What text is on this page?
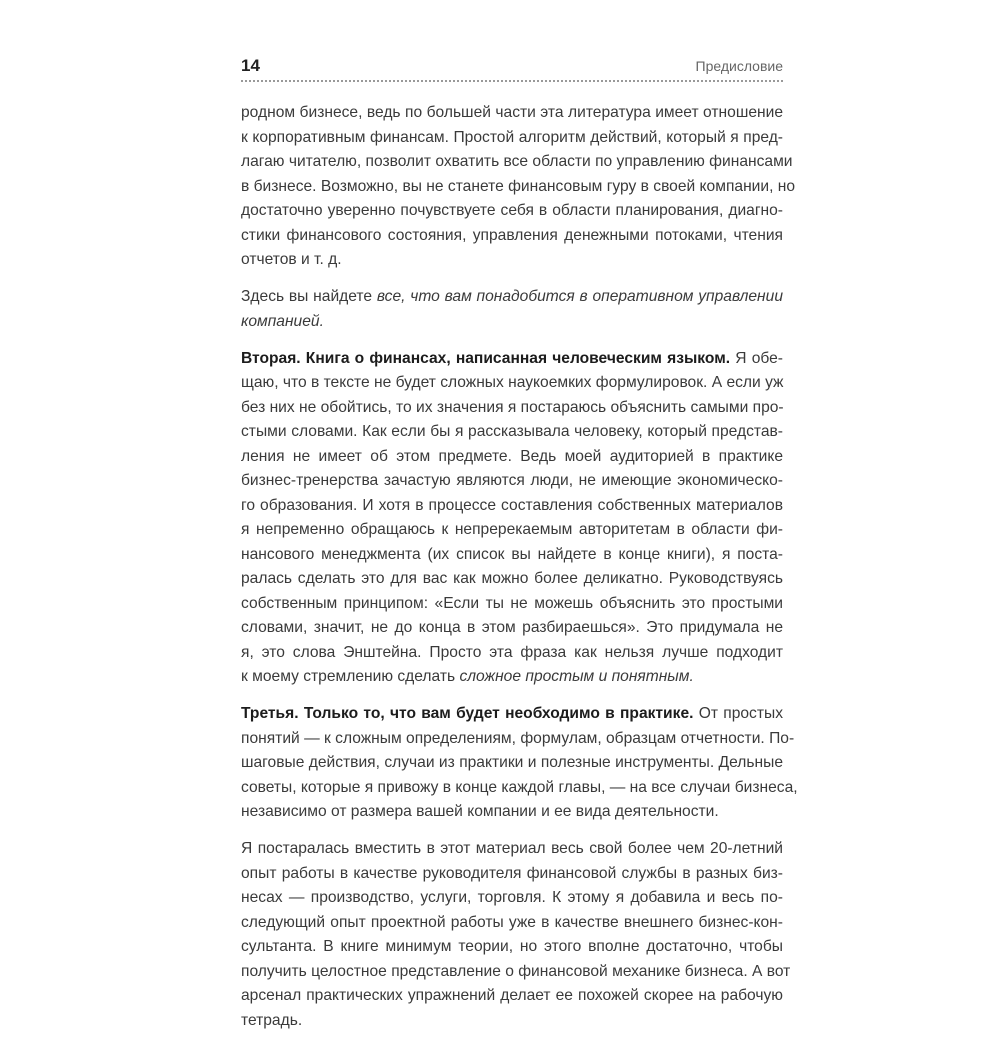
14	Предисловие
родном бизнесе, ведь по большей части эта литература имеет отношение
к корпоративным финансам. Простой алгоритм действий, который я пред-
лагаю читателю, позволит охватить все области по управлению финансами
в бизнесе. Возможно, вы не станете финансовым гуру в своей компании, но
достаточно уверенно почувствуете себя в области планирования, диагно-
стики финансового состояния, управления денежными потоками, чтения
отчетов и т. д.
Здесь вы найдете все, что вам понадобится в оперативном управлении
компанией.
Вторая. Книга о финансах, написанная человеческим языком. Я обе-
щаю, что в тексте не будет сложных наукоемких формулировок. А если уж
без них не обойтись, то их значения я постараюсь объяснить самыми про-
стыми словами. Как если бы я рассказывала человеку, который представ-
ления не имеет об этом предмете. Ведь моей аудиторией в практике
бизнес-тренерства зачастую являются люди, не имеющие экономическо-
го образования. И хотя в процессе составления собственных материалов
я непременно обращаюсь к непререкаемым авторитетам в области фи-
нансового менеджмента (их список вы найдете в конце книги), я поста-
ралась сделать это для вас как можно более деликатно. Руководствуясь
собственным принципом: «Если ты не можешь объяснить это простыми
словами, значит, не до конца в этом разбираешься». Это придумала не
я, это слова Энштейна. Просто эта фраза как нельзя лучше подходит
к моему стремлению сделать сложное простым и понятным.
Третья. Только то, что вам будет необходимо в практике. От простых
понятий — к сложным определениям, формулам, образцам отчетности. По-
шаговые действия, случаи из практики и полезные инструменты. Дельные
советы, которые я привожу в конце каждой главы, — на все случаи бизнеса,
независимо от размера вашей компании и ее вида деятельности.
Я постаралась вместить в этот материал весь свой более чем 20-летний
опыт работы в качестве руководителя финансовой службы в разных биз-
несах — производство, услуги, торговля. К этому я добавила и весь по-
следующий опыт проектной работы уже в качестве внешнего бизнес-кон-
сультанта. В книге минимум теории, но этого вполне достаточно, чтобы
получить целостное представление о финансовой механике бизнеса. А вот
арсенал практических упражнений делает ее похожей скорее на рабочую
тетрадь.
